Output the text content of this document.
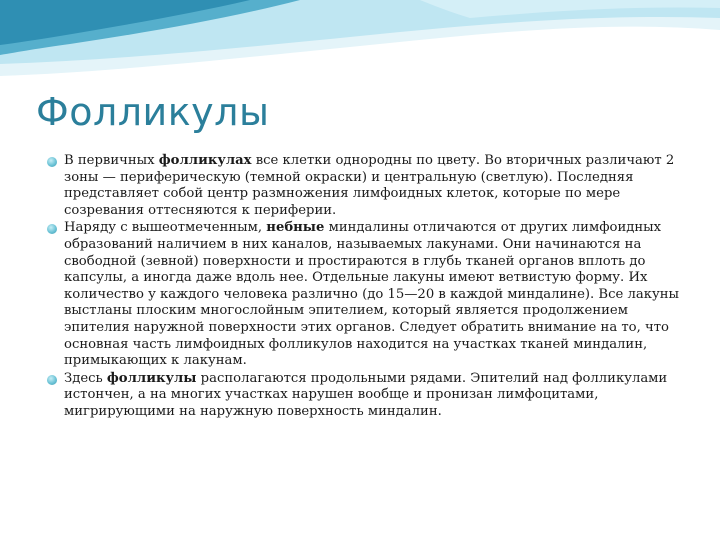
Фолликулы
В первичных фолликулах все клетки однородны по цвету. Во вторичных различают 2 зоны — периферическую (темной окраски) и центральную (светлую). Последняя представляет собой центр размножения лимфоидных клеток, которые по мере созревания оттесняются к периферии.
Наряду с вышеотмеченным, небные миндалины отличаются от других лимфоидных образований наличием в них каналов, называемых лакунами. Они начинаются на свободной (зевной) поверхности и простираются в глубь тканей органов вплоть до капсулы, а иногда даже вдоль нее. Отдельные лакуны имеют ветвистую форму. Их количество у каждого человека различно (до 15—20 в каждой миндалине). Все лакуны выстланы плоским многослойным эпителием, который является продолжением эпителия наружной поверхности этих органов. Следует обратить внимание на то, что основная часть лимфоидных фолликулов находится на участках тканей миндалин, примыкающих к лакунам.
Здесь фолликулы располагаются продольными рядами. Эпителий над фолликулами истончен, а на многих участках нарушен вообще и пронизан лимфоцитами, мигрирующими на наружную поверхность миндалин.
